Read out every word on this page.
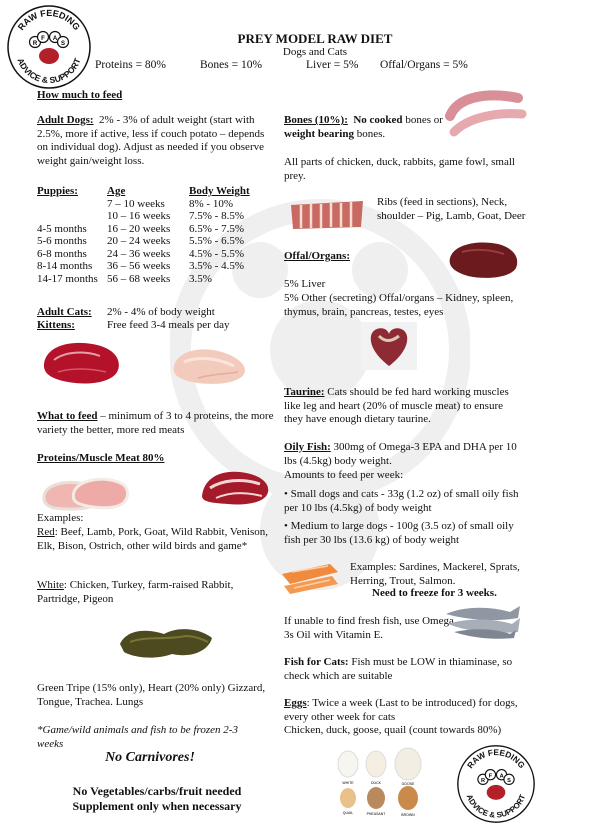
RAW FEEDING
ADVICE & SUPPORT
R
F A
S	PREY MODEL RAW DIET
Dogs and Cats
Proteins = 80%	Bones = 10%	Liver = 5% Offal/Organs = 5%
How much to feed
Adult Dogs: 2% - 3% of adult weight (start with 2.5%, more if active, less if couch potato – depends on individual dog). Adjust as needed if you observe weight gain/weight loss.
Puppies:	Age	Body Weight
	7 – 10 weeks	8% - 10%
	10 – 16 weeks	7.5% - 8.5%
4-5 months	16 – 20 weeks	6.5% - 7.5%
5-6 months	20 – 24 weeks	5.5% - 6.5%
6-8 months	24 – 36 weeks	4.5% - 5.5%
8-14 months	36 – 56 weeks	3.5% - 4.5%
14-17 months	56 – 68 weeks	3.5%
Adult Cats: 2% - 4% of body weight
Kittens:	Free feed 3-4 meals per day
What to feed – minimum of 3 to 4 proteins, the more variety the better, more red meats
Proteins/Muscle Meat 80%
Examples:
Red: Beef, Lamb, Pork, Goat, Wild Rabbit, Venison, Elk, Bison, Ostrich, other wild birds and game*
White: Chicken, Turkey, farm-raised Rabbit, Partridge, Pigeon
Green Tripe (15% only), Heart (20% only) Gizzard, Tongue, Trachea. Lungs
*Game/wild animals and fish to be frozen 2-3 weeks
No Carnivores!
No Vegetables/carbs/fruit needed
Supplement only when necessary
Bones (10%): No cooked bones or weight bearing bones.
All parts of chicken, duck, rabbits, game fowl, small prey.
Ribs (feed in sections), Neck, shoulder – Pig, Lamb, Goat, Deer
Offal/Organs:
5% Liver
5% Other (secreting) Offal/organs – Kidney, spleen, thymus, brain, pancreas, testes, eyes
Taurine: Cats should be fed hard working muscles like leg and heart (20% of muscle meat) to ensure they have enough dietary taurine.
Oily Fish: 300mg of Omega-3 EPA and DHA per 10 lbs (4.5kg) body weight.
Amounts to feed per week:
• Small dogs and cats - 33g (1.2 oz) of small oily fish per 10 lbs (4.5kg) of body weight
• Medium to large dogs - 100g (3.5 oz) of small oily fish per 30 lbs (13.6 kg) of body weight
Examples: Sardines, Mackerel, Sprats, Herring, Trout, Salmon.
Need to freeze for 3 weeks.
If unable to find fresh fish, use Omega 3s Oil with Vitamin E.
Fish for Cats: Fish must be LOW in thiaminase, so check which are suitable
Eggs: Twice a week (Last to be introduced) for dogs, every other week for cats
Chicken, duck, goose, quail (count towards 80%)
WHITE	DUCK	GOOSE
QUAIL	PHEASANT	BROWN
RAW FEEDING
ADVICE & SUPPORT
R
F A
S
